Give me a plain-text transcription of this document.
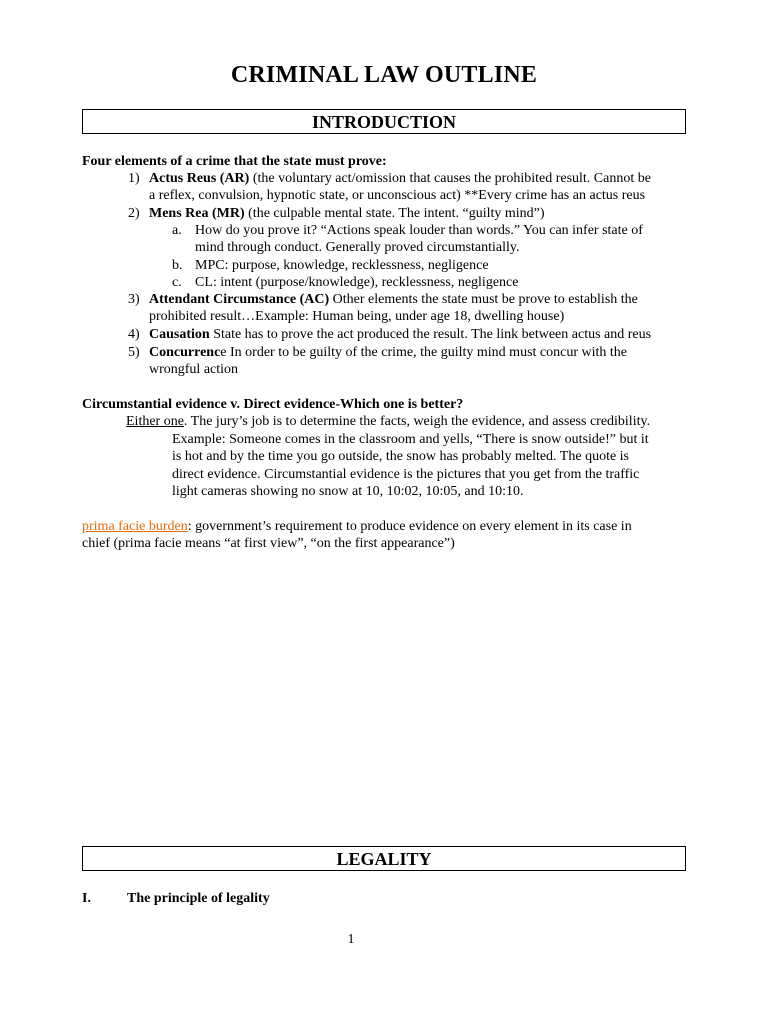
CRIMINAL LAW OUTLINE
INTRODUCTION
Four elements of a crime that the state must prove:
1) Actus Reus (AR) (the voluntary act/omission that causes the prohibited result. Cannot be
a reflex, convulsion, hypnotic state, or unconscious act) **Every crime has an actus reus
2) Mens Rea (MR) (the culpable mental state. The intent. “guilty mind”)
a. How do you prove it? “Actions speak louder than words.” You can infer state of
mind through conduct. Generally proved circumstantially.
b. MPC: purpose, knowledge, recklessness, negligence
c. CL: intent (purpose/knowledge), recklessness, negligence
3) Attendant Circumstance (AC) Other elements the state must be prove to establish the
prohibited result…Example: Human being, under age 18, dwelling house)
4) Causation State has to prove the act produced the result. The link between actus and reus
5) Concurrence In order to be guilty of the crime, the guilty mind must concur with the
wrongful action
Circumstantial evidence v. Direct evidence-Which one is better?
Either one. The jury’s job is to determine the facts, weigh the evidence, and assess credibility.
Example: Someone comes in the classroom and yells, “There is snow outside!” but it
is hot and by the time you go outside, the snow has probably melted. The quote is
direct evidence. Circumstantial evidence is the pictures that you get from the traffic
light cameras showing no snow at 10, 10:02, 10:05, and 10:10.
prima facie burden: government’s requirement to produce evidence on every element in its case in
chief (prima facie means “at first view”, “on the first appearance”)
LEGALITY
I.	The principle of legality
1
